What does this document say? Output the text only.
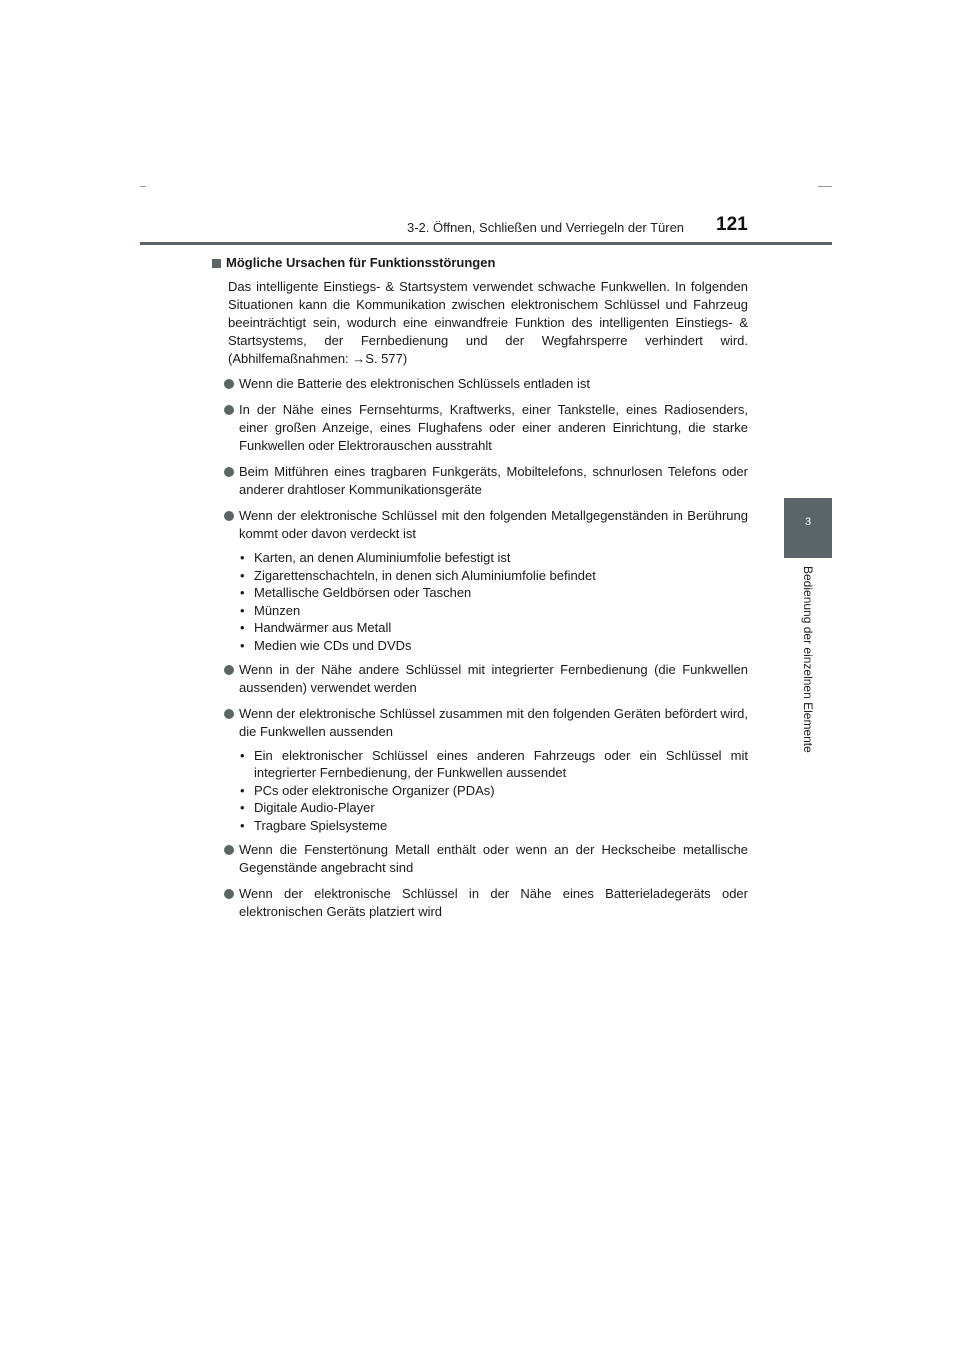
3-2. Öffnen, Schließen und Verriegeln der Türen 121
3
Bedienung der einzelnen Elemente
Mögliche Ursachen für Funktionsstörungen

Das intelligente Einstiegs- & Startsystem verwendet schwache Funkwellen. In folgenden Situationen kann die Kommunikation zwischen elektronischem Schlüssel und Fahrzeug beeinträchtigt sein, wodurch eine einwandfreie Funktion des intelligenten Einstiegs- & Startsystems, der Fernbedienung und der Wegfahrsperre verhindert wird. (Abhilfemaßnahmen: →S. 577)

Wenn die Batterie des elektronischen Schlüssels entladen ist
In der Nähe eines Fernsehturms, Kraftwerks, einer Tankstelle, eines Radiosenders, einer großen Anzeige, eines Flughafens oder einer anderen Einrichtung, die starke Funkwellen oder Elektrorauschen ausstrahlt
Beim Mitführen eines tragbaren Funkgeräts, Mobiltelefons, schnurlosen Telefons oder anderer drahtloser Kommunikationsgeräte
Wenn der elektronische Schlüssel mit den folgenden Metallgegenständen in Berührung kommt oder davon verdeckt ist
• Karten, an denen Aluminiumfolie befestigt ist
• Zigarettenschachteln, in denen sich Aluminiumfolie befindet
• Metallische Geldbörsen oder Taschen
• Münzen
• Handwärmer aus Metall
• Medien wie CDs und DVDs
Wenn in der Nähe andere Schlüssel mit integrierter Fernbedienung (die Funkwellen aussenden) verwendet werden
Wenn der elektronische Schlüssel zusammen mit den folgenden Geräten befördert wird, die Funkwellen aussenden
• Ein elektronischer Schlüssel eines anderen Fahrzeugs oder ein Schlüssel mit integrierter Fernbedienung, der Funkwellen aussendet
• PCs oder elektronische Organizer (PDAs)
• Digitale Audio-Player
• Tragbare Spielsysteme
Wenn die Fenstertönung Metall enthält oder wenn an der Heckscheibe metallische Gegenstände angebracht sind
Wenn der elektronische Schlüssel in der Nähe eines Batterieladegeräts oder elektronischen Geräts platziert wird
